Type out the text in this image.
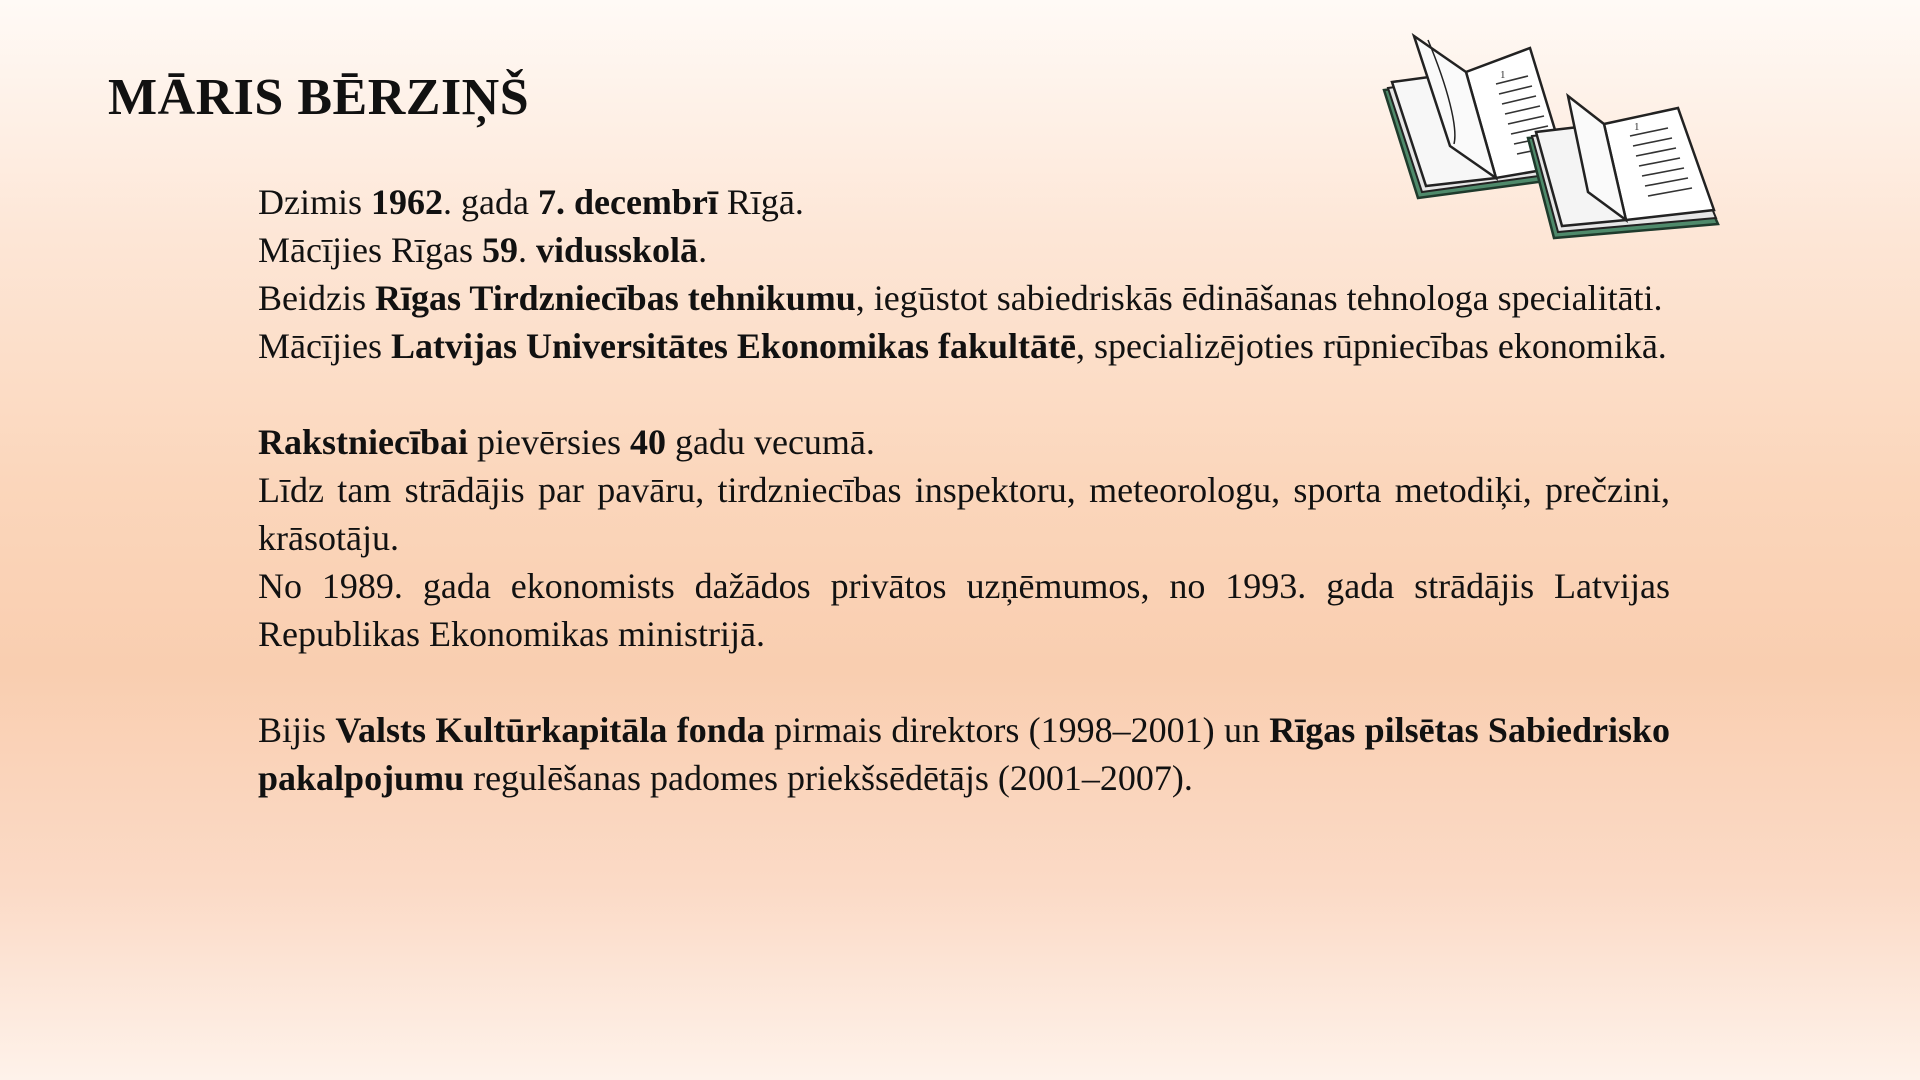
MĀRIS BĒRZIŅŠ	1
1

Dzimis 1962. gada 7. decembrī Rīgā.

Mācījies Rīgas 59. vidusskolā.

Beidzis Rīgas Tirdzniecības tehnikumu, iegūstot sabiedriskās ēdināšanas tehnologa specialitāti.

Mācījies Latvijas Universitātes Ekonomikas fakultātē, specializējoties rūpniecības ekonomikā.

Rakstniecībai pievērsies 40 gadu vecumā.

Līdz tam strādājis par pavāru, tirdzniecības inspektoru, meteorologu, sporta metodiķi, prečzini, krāsotāju.

No 1989. gada ekonomists dažādos privātos uzņēmumos, no 1993. gada strādājis Latvijas Republikas Ekonomikas ministrijā.

Bijis Valsts Kultūrkapitāla fonda pirmais direktors (1998–2001) un Rīgas pilsētas Sabiedrisko pakalpojumu regulēšanas padomes priekšsēdētājs (2001–2007).
